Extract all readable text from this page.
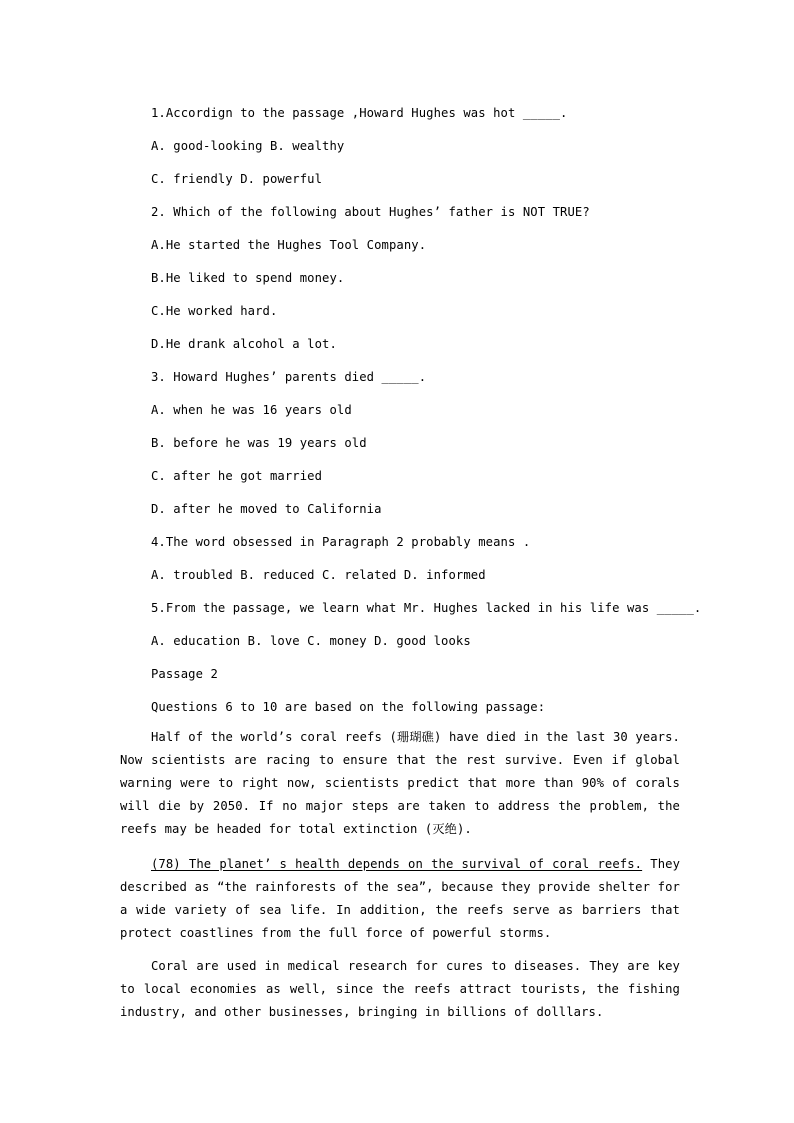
1.Accordign to the passage ,Howard Hughes was hot _____.
A. good-looking B. wealthy
C. friendly D. powerful
2. Which of the following about Hughes’ father is NOT TRUE?
A.He started the Hughes Tool Company.
B.He liked to spend money.
C.He worked hard.
D.He drank alcohol a lot.
3. Howard Hughes’ parents died _____.
A. when he was 16 years old
B. before he was 19 years old
C. after he got married
D. after he moved to California
4.The word obsessed in Paragraph 2 probably means .
A. troubled B. reduced C. related D. informed
5.From the passage, we learn what Mr. Hughes lacked in his life was _____.
A. education B. love C. money D. good looks
Passage 2
Questions 6 to 10 are based on the following passage:
Half of the world’s coral reefs (珊瑚礁) have died in the last 30 years. Now scientists are racing to ensure that the rest survive. Even if global warning were to right now, scientists predict that more than 90% of corals will die by 2050. If no major steps are taken to address the problem, the reefs may be headed for total extinction (灭绝).
(78) The planet’ s health depends on the survival of coral reefs. They described as “the rainforests of the sea”, because they provide shelter for a wide variety of sea life. In addition, the reefs serve as barriers that protect coastlines from the full force of powerful storms.
Coral are used in medical research for cures to diseases. They are key to local economies as well, since the reefs attract tourists, the fishing industry, and other businesses, bringing in billions of dolllars.
